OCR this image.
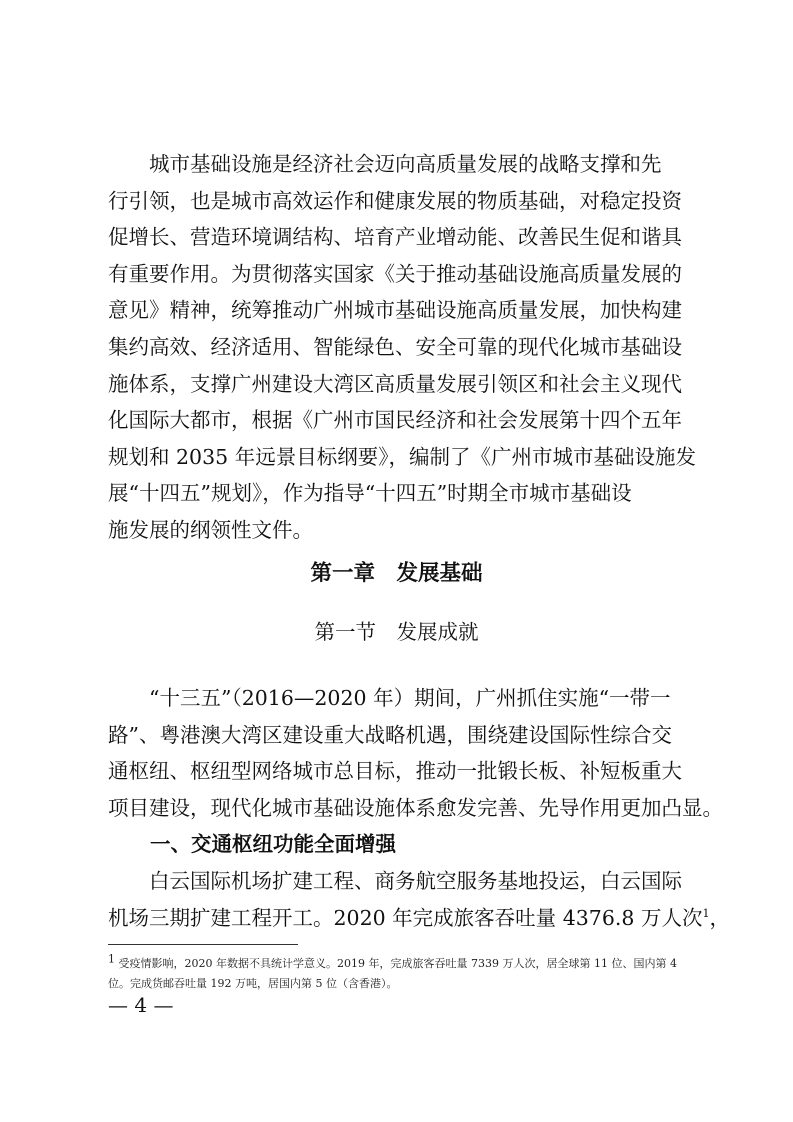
　　城市基础设施是经济社会迈向高质量发展的战略支撑和先
行引领，也是城市高效运作和健康发展的物质基础，对稳定投资
促增长、营造环境调结构、培育产业增动能、改善民生促和谐具
有重要作用。为贯彻落实国家《关于推动基础设施高质量发展的
意见》精神，统筹推动广州城市基础设施高质量发展，加快构建
集约高效、经济适用、智能绿色、安全可靠的现代化城市基础设
施体系，支撑广州建设大湾区高质量发展引领区和社会主义现代
化国际大都市，根据《广州市国民经济和社会发展第十四个五年
规划和 2035 年远景目标纲要》，编制了《广州市城市基础设施发
展“十四五”规划》，作为指导“十四五”时期全市城市基础设
施发展的纲领性文件。
第一章　发展基础
第一节　发展成就
　　“十三五”（2016—2020 年）期间，广州抓住实施“一带一
路”、粤港澳大湾区建设重大战略机遇，围绕建设国际性综合交
通枢纽、枢纽型网络城市总目标，推动一批锻长板、补短板重大
项目建设，现代化城市基础设施体系愈发完善、先导作用更加凸显。
一、交通枢纽功能全面增强
　　白云国际机场扩建工程、商务航空服务基地投运，白云国际
机场三期扩建工程开工。2020 年完成旅客吞吐量 4376.8 万人次$^1$，
$^1$ 受疫情影响，2020 年数据不具统计学意义。2019 年，完成旅客吞吐量 7339 万人次，居全球第 11 位、国内第 4
位。完成货邮吞吐量 192 万吨，居国内第 5 位（含香港）。
— 4 —
